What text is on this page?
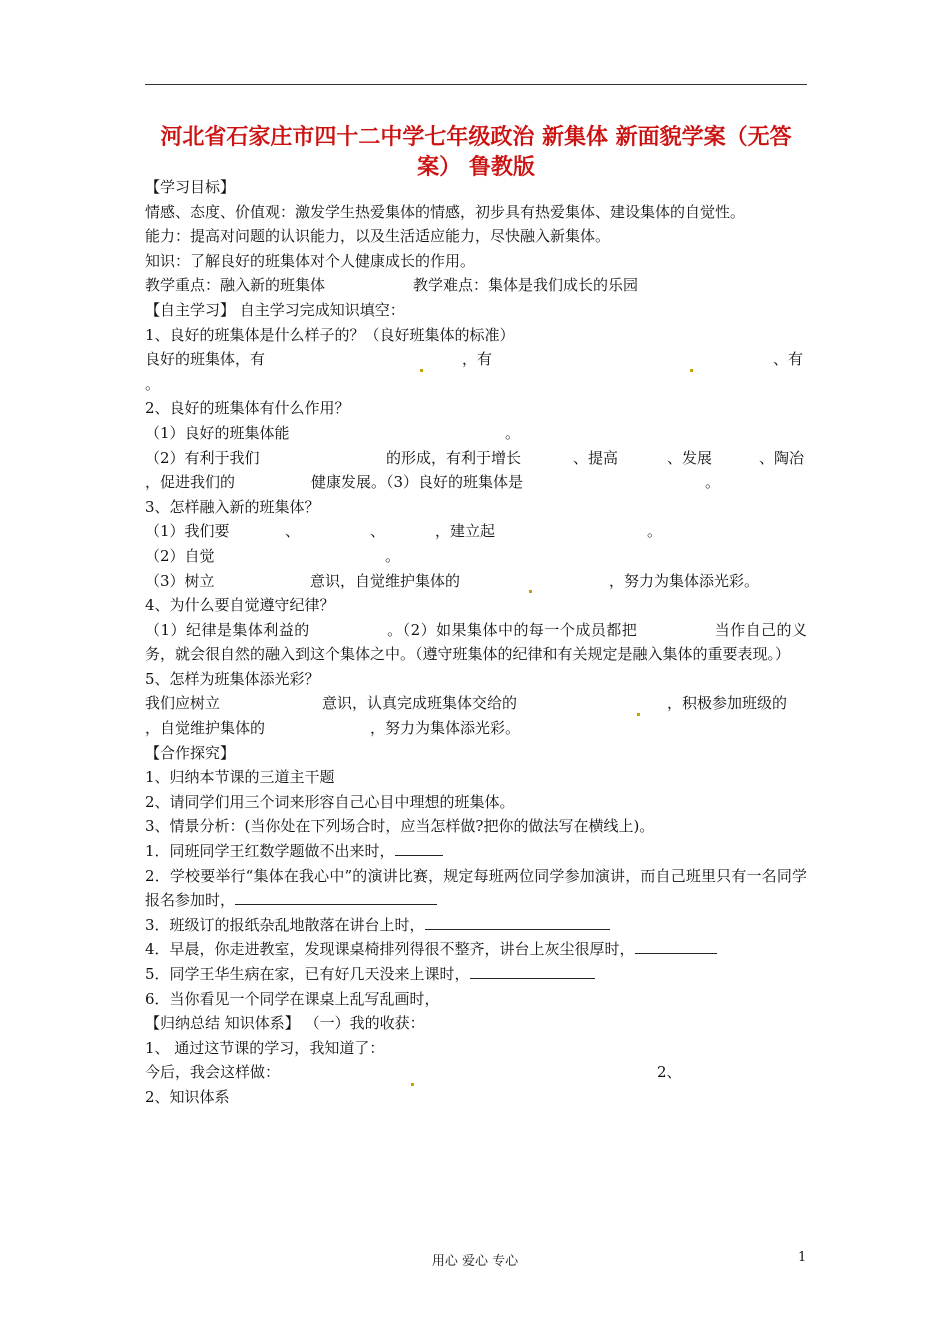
河北省石家庄市四十二中学七年级政治 新集体 新面貌学案（无答案） 鲁教版
【学习目标】
情感、态度、价值观：激发学生热爱集体的情感，初步具有热爱集体、建设集体的自觉性。
能力：提高对问题的认识能力，以及生活适应能力，尽快融入新集体。
知识：了解良好的班集体对个人健康成长的作用。
教学重点：融入新的班集体	教学难点：集体是我们成长的乐园
【自主学习】 自主学习完成知识填空：
1、良好的班集体是什么样子的？（良好班集体的标准）
良好的班集体，有	，有	、有
。
2、良好的班集体有什么作用？
（1）良好的班集体能	。
（2）有利于我们	的形成，有利于增长	、提高	、发展	、陶冶
，促进我们的	健康发展。（3）良好的班集体是	。
3、怎样融入新的班集体？
（1）我们要	、	、	，建立起	。
（2）自觉	。
（3）树立	意识，自觉维护集体的	，努力为集体添光彩。
4、为什么要自觉遵守纪律？
（1）纪律是集体利益的　　　　　。（2）如果集体中的每一个成员都把　　　　　当作自己的义务，就会很自然的融入到这个集体之中。（遵守班集体的纪律和有关规定是融入集体的重要表现。）
5、怎样为班集体添光彩？
我们应树立	意识，认真完成班集体交给的	，积极参加班级的
，自觉维护集体的	，努力为集体添光彩。
【合作探究】
1、归纳本节课的三道主干题
2、请同学们用三个词来形容自己心目中理想的班集体。
3、情景分析：(当你处在下列场合时，应当怎样做?把你的做法写在横线上)。
1．同班同学王红数学题做不出来时，
2．学校要举行“集体在我心中”的演讲比赛，规定每班两位同学参加演讲，而自己班里只有一名同学报名参加时，
3．班级订的报纸杂乱地散落在讲台上时，
4．早晨，你走进教室，发现课桌椅排列得很不整齐，讲台上灰尘很厚时，
5．同学王华生病在家，已有好几天没来上课时，
6．当你看见一个同学在课桌上乱写乱画时，
【归纳总结 知识体系】 （一）我的收获：
1、 通过这节课的学习，我知道了：
今后，我会这样做：	2、
2、知识体系
用心 爱心 专心	1
